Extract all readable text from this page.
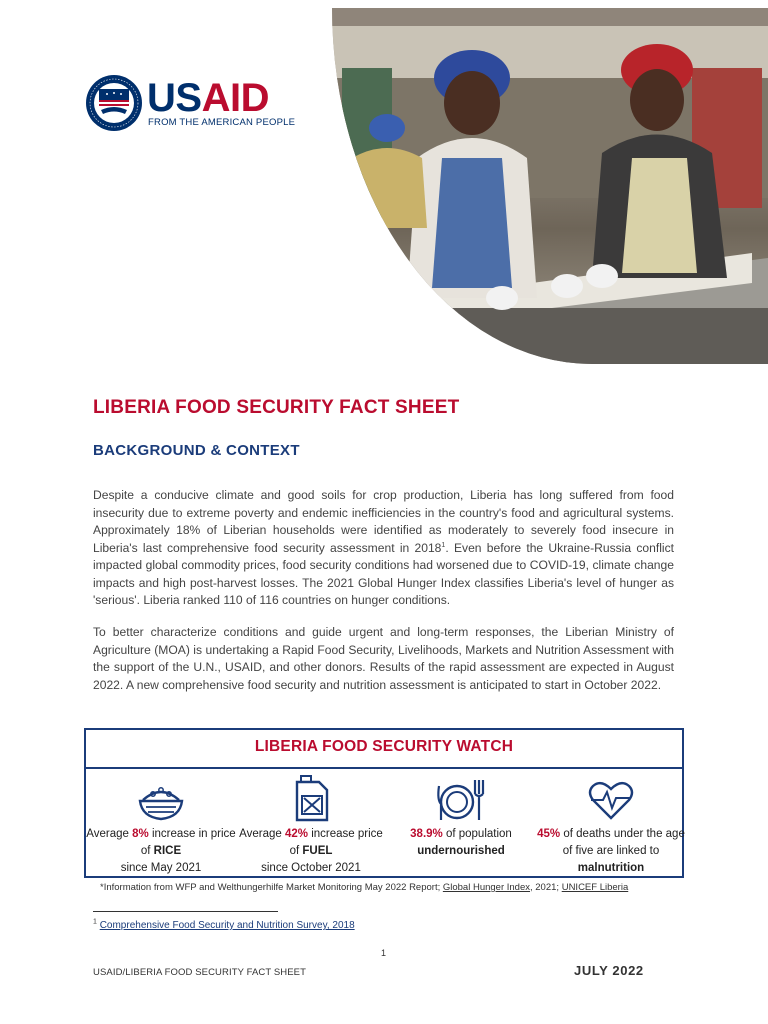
USAID
FROM THE AMERICAN PEOPLE
LIBERIA FOOD SECURITY FACT SHEET
BACKGROUND & CONTEXT

Despite a conducive climate and good soils for crop production, Liberia has long suffered from food insecurity due to extreme poverty and endemic inefficiencies in the country's food and agricultural systems. Approximately 18% of Liberian households were identified as moderately to severely food insecure in Liberia's last comprehensive food security assessment in 2018$^1$. Even before the Ukraine-Russia conflict impacted global commodity prices, food security conditions had worsened due to COVID-19, climate change impacts and high post-harvest losses. The 2021 Global Hunger Index classifies Liberia's level of hunger as 'serious'. Liberia ranked 110 of 116 countries on hunger conditions.

To better characterize conditions and guide urgent and long-term responses, the Liberian Ministry of Agriculture (MOA) is undertaking a Rapid Food Security, Livelihoods, Markets and Nutrition Assessment with the support of the U.N., USAID, and other donors. Results of the rapid assessment are expected in August 2022. A new comprehensive food security and nutrition assessment is anticipated to start in October 2022.

LIBERIA FOOD SECURITY WATCH
Average 8% increase in price of RICE
since May 2021
Average 42% increase price of FUEL
since October 2021
38.9% of population
undernourished
45% of deaths under the age of five are linked to malnutrition
*Information from WFP and Welthungerhilfe Market Monitoring May 2022 Report; Global Hunger Index, 2021; UNICEF Liberia
$^1$ Comprehensive Food Security and Nutrition Survey, 2018
1
USAID/LIBERIA FOOD SECURITY FACT SHEET	JULY 2022
